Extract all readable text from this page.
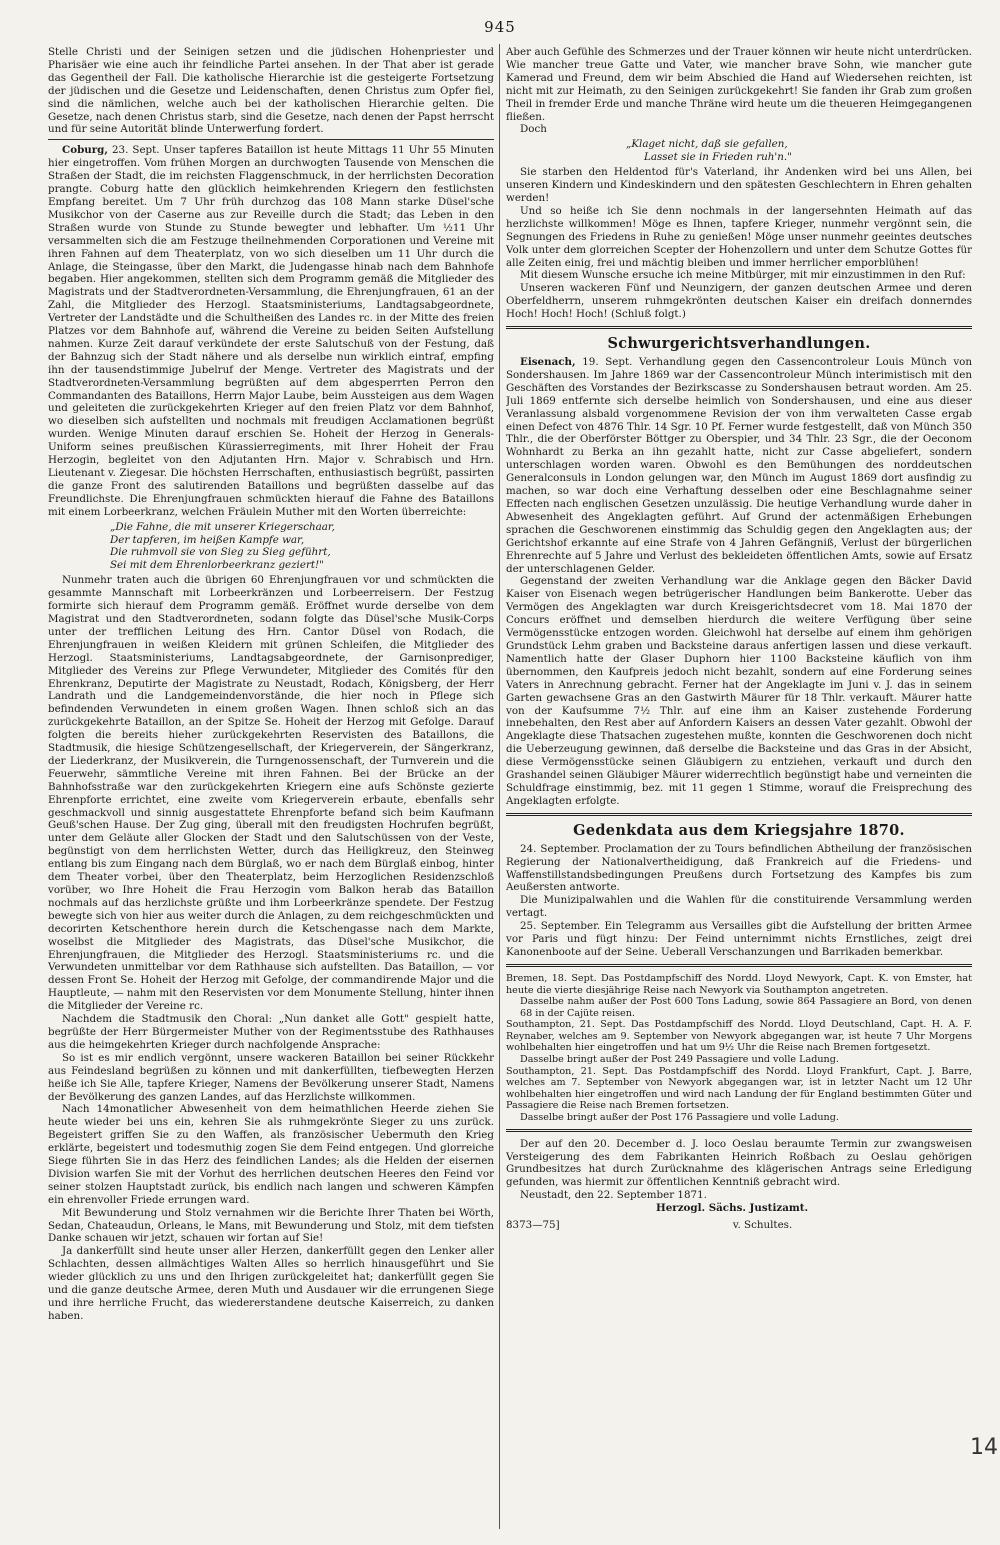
945

Stelle Christi und der Seinigen setzen und die jüdischen Hohenpriester und Pharisäer wie eine auch ihr feindliche Partei ansehen. In der That aber ist gerade das Gegentheil der Fall. Die katholische Hierarchie ist die gesteigerte Fortsetzung der jüdischen und die Gesetze und Leidenschaften, denen Christus zum Opfer fiel, sind die nämlichen, welche auch bei der katholischen Hierarchie gelten. Die Gesetze, nach denen Christus starb, sind die Gesetze, nach denen der Papst herrscht und für seine Autorität blinde Unterwerfung fordert.

Coburg, 23. Sept. Unser tapferes Bataillon ist heute Mittags 11 Uhr 55 Minuten hier eingetroffen. Vom frühen Morgen an durchwogten Tausende von Menschen die Straßen der Stadt, die im reichsten Flaggenschmuck, in der herrlichsten Decoration prangte. Coburg hatte den glücklich heimkehrenden Kriegern den festlichsten Empfang bereitet. Um 7 Uhr früh durchzog das 108 Mann starke Düsel'sche Musikchor von der Caserne aus zur Reveille durch die Stadt; das Leben in den Straßen wurde von Stunde zu Stunde bewegter und lebhafter. Um ½11 Uhr versammelten sich die am Festzuge theilnehmenden Corporationen und Vereine mit ihren Fahnen auf dem Theaterplatz, von wo sich dieselben um 11 Uhr durch die Anlage, die Steingasse, über den Markt, die Judengasse hinab nach dem Bahnhofe begaben. Hier angekommen, stellten sich dem Programm gemäß die Mitglieder des Magistrats und der Stadtverordneten-Versammlung, die Ehrenjungfrauen, 61 an der Zahl, die Mitglieder des Herzogl. Staatsministeriums, Landtagsabgeordnete, Vertreter der Landstädte und die Schultheißen des Landes rc. in der Mitte des freien Platzes vor dem Bahnhofe auf, während die Vereine zu beiden Seiten Aufstellung nahmen. Kurze Zeit darauf verkündete der erste Salutschuß von der Festung, daß der Bahnzug sich der Stadt nähere und als derselbe nun wirklich eintraf, empfing ihn der tausendstimmige Jubelruf der Menge. Vertreter des Magistrats und der Stadtverordneten-Versammlung begrüßten auf dem abgesperrten Perron den Commandanten des Bataillons, Herrn Major Laube, beim Aussteigen aus dem Wagen und geleiteten die zurückgekehrten Krieger auf den freien Platz vor dem Bahnhof, wo dieselben sich aufstellten und nochmals mit freudigen Acclamationen begrüßt wurden. Wenige Minuten darauf erschien Se. Hoheit der Herzog in Generals-Uniform seines preußischen Kürassierregiments, mit Ihrer Hoheit der Frau Herzogin, begleitet von den Adjutanten Hrn. Major v. Schrabisch und Hrn. Lieutenant v. Ziegesar. Die höchsten Herrschaften, enthusiastisch begrüßt, passirten die ganze Front des salutirenden Bataillons und begrüßten dasselbe auf das Freundlichste. Die Ehrenjungfrauen schmückten hierauf die Fahne des Bataillons mit einem Lorbeerkranz, welchen Fräulein Muther mit den Worten überreichte:

„Die Fahne, die mit unserer Kriegerschaar,
Der tapferen, im heißen Kampfe war,
Die ruhmvoll sie von Sieg zu Sieg geführt,
Sei mit dem Ehrenlorbeerkranz geziert!"

Nunmehr traten auch die übrigen 60 Ehrenjungfrauen vor und schmückten die gesammte Mannschaft mit Lorbeerkränzen und Lorbeerreisern. Der Festzug formirte sich hierauf dem Programm gemäß. Eröffnet wurde derselbe von dem Magistrat und den Stadtverordneten, sodann folgte das Düsel'sche Musik-Corps unter der trefflichen Leitung des Hrn. Cantor Düsel von Rodach, die Ehrenjungfrauen in weißen Kleidern mit grünen Schleifen, die Mitglieder des Herzogl. Staatsministeriums, Landtagsabgeordnete, der Garnisonprediger, Mitglieder des Vereins zur Pflege Verwundeter, Mitglieder des Comités für den Ehrenkranz, Deputirte der Magistrate zu Neustadt, Rodach, Königsberg, der Herr Landrath und die Landgemeindenvorstände, die hier noch in Pflege sich befindenden Verwundeten in einem großen Wagen. Ihnen schloß sich an das zurückgekehrte Bataillon, an der Spitze Se. Hoheit der Herzog mit Gefolge. Darauf folgten die bereits hieher zurückgekehrten Reservisten des Bataillons, die Stadtmusik, die hiesige Schützengesellschaft, der Kriegerverein, der Sängerkranz, der Liederkranz, der Musikverein, die Turngenossenschaft, der Turnverein und die Feuerwehr, sämmtliche Vereine mit ihren Fahnen. Bei der Brücke an der Bahnhofsstraße war den zurückgekehrten Kriegern eine aufs Schönste gezierte Ehrenpforte errichtet, eine zweite vom Kriegerverein erbaute, ebenfalls sehr geschmackvoll und sinnig ausgestattete Ehrenpforte befand sich beim Kaufmann Geuß'schen Hause. Der Zug ging, überall mit den freudigsten Hochrufen begrüßt, unter dem Geläute aller Glocken der Stadt und den Salutschüssen von der Veste, begünstigt von dem herrlichsten Wetter, durch das Heiligkreuz, den Steinweg entlang bis zum Eingang nach dem Bürglaß, wo er nach dem Bürglaß einbog, hinter dem Theater vorbei, über den Theaterplatz, beim Herzoglichen Residenzschloß vorüber, wo Ihre Hoheit die Frau Herzogin vom Balkon herab das Bataillon nochmals auf das herzlichste grüßte und ihm Lorbeerkränze spendete. Der Festzug bewegte sich von hier aus weiter durch die Anlagen, zu dem reichgeschmückten und decorirten Ketschenthore herein durch die Ketschengasse nach dem Markte, woselbst die Mitglieder des Magistrats, das Düsel'sche Musikchor, die Ehrenjungfrauen, die Mitglieder des Herzogl. Staatsministeriums rc. und die Verwundeten unmittelbar vor dem Rathhause sich aufstellten. Das Bataillon, — vor dessen Front Se. Hoheit der Herzog mit Gefolge, der commandirende Major und die Hauptleute, — nahm mit den Reservisten vor dem Monumente Stellung, hinter ihnen die Mitglieder der Vereine rc.

Nachdem die Stadtmusik den Choral: „Nun danket alle Gott" gespielt hatte, begrüßte der Herr Bürgermeister Muther von der Regimentsstube des Rathhauses aus die heimgekehrten Krieger durch nachfolgende Ansprache:

So ist es mir endlich vergönnt, unsere wackeren Bataillon bei seiner Rückkehr aus Feindesland begrüßen zu können und mit dankerfüllten, tiefbewegten Herzen heiße ich Sie Alle, tapfere Krieger, Namens der Bevölkerung unserer Stadt, Namens der Bevölkerung des ganzen Landes, auf das Herzlichste willkommen.

Nach 14monatlicher Abwesenheit von dem heimathlichen Heerde ziehen Sie heute wieder bei uns ein, kehren Sie als ruhmgekrönte Sieger zu uns zurück. Begeistert griffen Sie zu den Waffen, als französischer Uebermuth den Krieg erklärte, begeistert und todesmuthig zogen Sie dem Feind entgegen. Und glorreiche Siege führten Sie in das Herz des feindlichen Landes; als die Helden der eisernen Division warfen Sie mit der Vorhut des herrlichen deutschen Heeres den Feind vor seiner stolzen Hauptstadt zurück, bis endlich nach langen und schweren Kämpfen ein ehrenvoller Friede errungen ward.

Mit Bewunderung und Stolz vernahmen wir die Berichte Ihrer Thaten bei Wörth, Sedan, Chateaudun, Orleans, le Mans, mit Bewunderung und Stolz, mit dem tiefsten Danke schauen wir jetzt, schauen wir fortan auf Sie!

Ja dankerfüllt sind heute unser aller Herzen, dankerfüllt gegen den Lenker aller Schlachten, dessen allmächtiges Walten Alles so herrlich hinausgeführt und Sie wieder glücklich zu uns und den Ihrigen zurückgeleitet hat; dankerfüllt gegen Sie und die ganze deutsche Armee, deren Muth und Ausdauer wir die errungenen Siege und ihre herrliche Frucht, das wiedererstandene deutsche Kaiserreich, zu danken haben.

Aber auch Gefühle des Schmerzes und der Trauer können wir heute nicht unterdrücken. Wie mancher treue Gatte und Vater, wie mancher brave Sohn, wie mancher gute Kamerad und Freund, dem wir beim Abschied die Hand auf Wiedersehen reichten, ist nicht mit zur Heimath, zu den Seinigen zurückgekehrt! Sie fanden ihr Grab zum großen Theil in fremder Erde und manche Thräne wird heute um die theueren Heimgegangenen fließen.

Doch

„Klaget nicht, daß sie gefallen,
Lasset sie in Frieden ruh'n."

Sie starben den Heldentod für's Vaterland, ihr Andenken wird bei uns Allen, bei unseren Kindern und Kindeskindern und den spätesten Geschlechtern in Ehren gehalten werden!

Und so heiße ich Sie denn nochmals in der langersehnten Heimath auf das herzlichste willkommen! Möge es Ihnen, tapfere Krieger, nunmehr vergönnt sein, die Segnungen des Friedens in Ruhe zu genießen! Möge unser nunmehr geeintes deutsches Volk unter dem glorreichen Scepter der Hohenzollern und unter dem Schutze Gottes für alle Zeiten einig, frei und mächtig bleiben und immer herrlicher emporblühen!

Mit diesem Wunsche ersuche ich meine Mitbürger, mit mir einzustimmen in den Ruf:

Unseren wackeren Fünf und Neunzigern, der ganzen deutschen Armee und deren Oberfeldherrn, unserem ruhmgekrönten deutschen Kaiser ein dreifach donnerndes Hoch! Hoch! Hoch! (Schluß folgt.)

Schwurgerichtsverhandlungen.

Eisenach, 19. Sept. Verhandlung gegen den Cassencontroleur Louis Münch von Sondershausen. Im Jahre 1869 war der Cassencontroleur Münch interimistisch mit den Geschäften des Vorstandes der Bezirkscasse zu Sondershausen betraut worden. Am 25. Juli 1869 entfernte sich derselbe heimlich von Sondershausen, und eine aus dieser Veranlassung alsbald vorgenommene Revision der von ihm verwalteten Casse ergab einen Defect von 4876 Thlr. 14 Sgr. 10 Pf. Ferner wurde festgestellt, daß von Münch 350 Thlr., die der Oberförster Böttger zu Oberspier, und 34 Thlr. 23 Sgr., die der Oeconom Wohnhardt zu Berka an ihn gezahlt hatte, nicht zur Casse abgeliefert, sondern unterschlagen worden waren. Obwohl es den Bemühungen des norddeutschen Generalconsuls in London gelungen war, den Münch im August 1869 dort ausfindig zu machen, so war doch eine Verhaftung desselben oder eine Beschlagnahme seiner Effecten nach englischen Gesetzen unzulässig. Die heutige Verhandlung wurde daher in Abwesenheit des Angeklagten geführt. Auf Grund der actenmäßigen Erhebungen sprachen die Geschworenen einstimmig das Schuldig gegen den Angeklagten aus; der Gerichtshof erkannte auf eine Strafe von 4 Jahren Gefängniß, Verlust der bürgerlichen Ehrenrechte auf 5 Jahre und Verlust des bekleideten öffentlichen Amts, sowie auf Ersatz der unterschlagenen Gelder.

Gegenstand der zweiten Verhandlung war die Anklage gegen den Bäcker David Kaiser von Eisenach wegen betrügerischer Handlungen beim Bankerotte. Ueber das Vermögen des Angeklagten war durch Kreisgerichtsdecret vom 18. Mai 1870 der Concurs eröffnet und demselben hierdurch die weitere Verfügung über seine Vermögensstücke entzogen worden. Gleichwohl hat derselbe auf einem ihm gehörigen Grundstück Lehm graben und Backsteine daraus anfertigen lassen und diese verkauft. Namentlich hatte der Glaser Duphorn hier 1100 Backsteine käuflich von ihm übernommen, den Kaufpreis jedoch nicht bezahlt, sondern auf eine Forderung seines Vaters in Anrechnung gebracht. Ferner hat der Angeklagte im Juni v. J. das in seinem Garten gewachsene Gras an den Gastwirth Mäurer für 18 Thlr. verkauft. Mäurer hatte von der Kaufsumme 7½ Thlr. auf eine ihm an Kaiser zustehende Forderung innebehalten, den Rest aber auf Anfordern Kaisers an dessen Vater gezahlt. Obwohl der Angeklagte diese Thatsachen zugestehen mußte, konnten die Geschworenen doch nicht die Ueberzeugung gewinnen, daß derselbe die Backsteine und das Gras in der Absicht, diese Vermögensstücke seinen Gläubigern zu entziehen, verkauft und durch den Grashandel seinen Gläubiger Mäurer widerrechtlich begünstigt habe und verneinten die Schuldfrage einstimmig, bez. mit 11 gegen 1 Stimme, worauf die Freisprechung des Angeklagten erfolgte.

Gedenkdata aus dem Kriegsjahre 1870.

24. September. Proclamation der zu Tours befindlichen Abtheilung der französischen Regierung der Nationalvertheidigung, daß Frankreich auf die Friedens- und Waffenstillstandsbedingungen Preußens durch Fortsetzung des Kampfes bis zum Aeußersten antworte.

Die Munizipalwahlen und die Wahlen für die constituirende Versammlung werden vertagt.

25. September. Ein Telegramm aus Versailles gibt die Aufstellung der britten Armee vor Paris und fügt hinzu: Der Feind unternimmt nichts Ernstliches, zeigt drei Kanonenboote auf der Seine. Ueberall Verschanzungen und Barrikaden bemerkbar.

Bremen, 18. Sept. Das Postdampfschiff des Nordd. Lloyd Newyork, Capt. K. von Emster, hat heute die vierte diesjährige Reise nach Newyork via Southampton angetreten.

Dasselbe nahm außer der Post 600 Tons Ladung, sowie 864 Passagiere an Bord, von denen 68 in der Cajüte reisen.

Southampton, 21. Sept. Das Postdampfschiff des Nordd. Lloyd Deutschland, Capt. H. A. F. Reynaber, welches am 9. September von Newyork abgegangen war, ist heute 7 Uhr Morgens wohlbehalten hier eingetroffen und hat um 9½ Uhr die Reise nach Bremen fortgesetzt.

Dasselbe bringt außer der Post 249 Passagiere und volle Ladung.

Southampton, 21. Sept. Das Postdampfschiff des Nordd. Lloyd Frankfurt, Capt. J. Barre, welches am 7. September von Newyork abgegangen war, ist in letzter Nacht um 12 Uhr wohlbehalten hier eingetroffen und wird nach Landung der für England bestimmten Güter und Passagiere die Reise nach Bremen fortsetzen.

Dasselbe bringt außer der Post 176 Passagiere und volle Ladung.

Der auf den 20. December d. J. loco Oeslau beraumte Termin zur zwangsweisen Versteigerung des dem Fabrikanten Heinrich Roßbach zu Oeslau gehörigen Grundbesitzes hat durch Zurücknahme des klägerischen Antrags seine Erledigung gefunden, was hiermit zur öffentlichen Kenntniß gebracht wird.

Neustadt, den 22. September 1871.

Herzogl. Sächs. Justizamt.

8373—75]	v. Schultes.
14
